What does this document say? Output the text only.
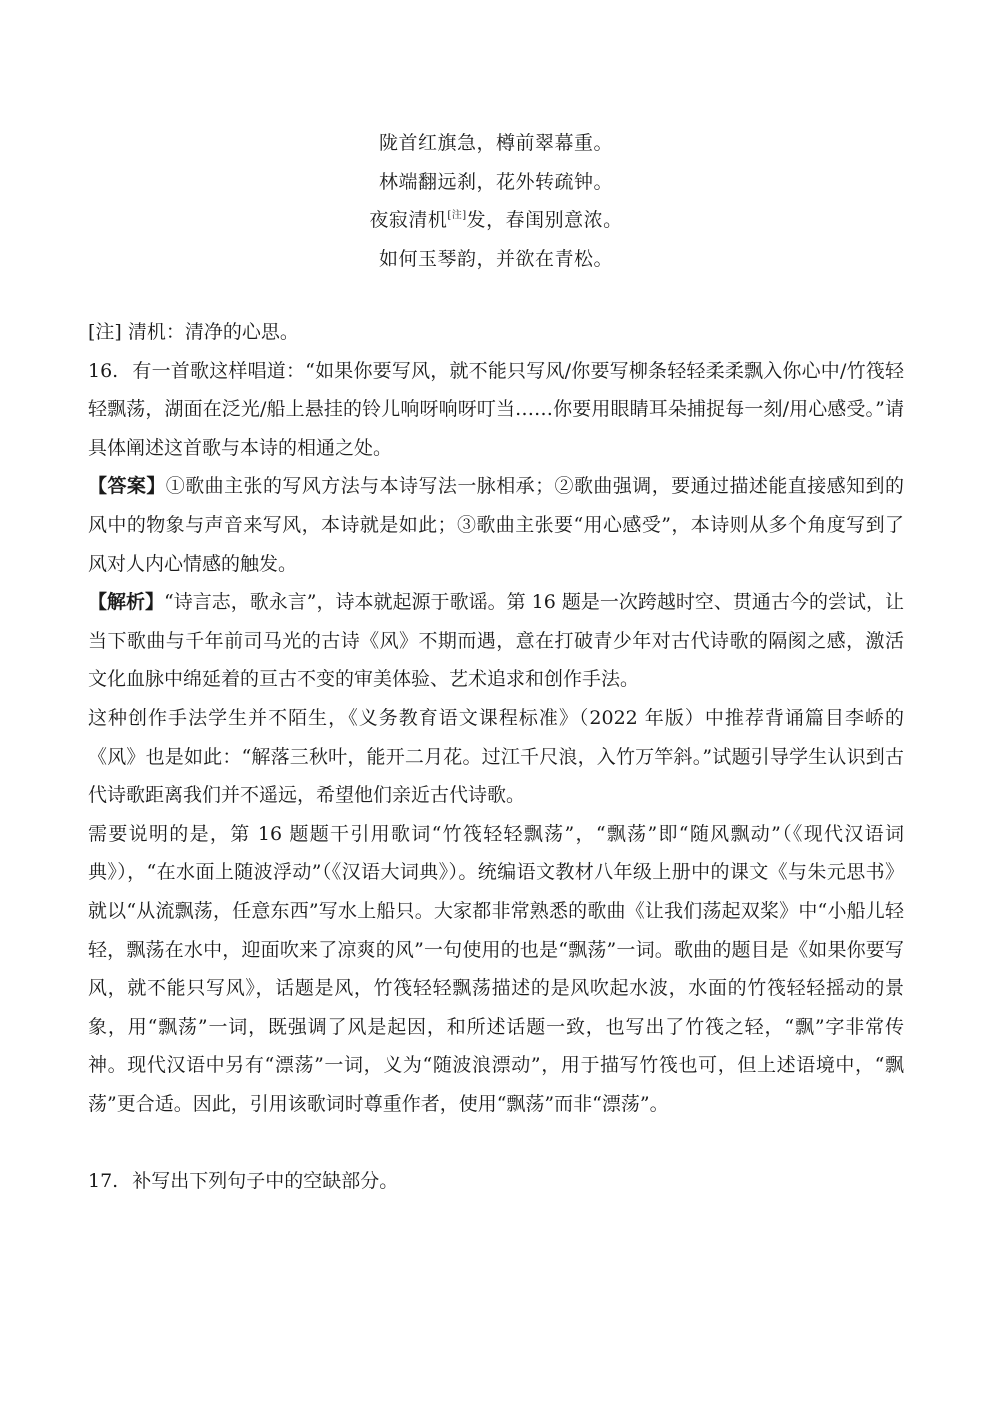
陇首红旗急，樽前翠幕重。
林端翻远刹，花外转疏钟。
夜寂清机[注]发，春闺别意浓。
如何玉琴韵，并欲在青松。

[注] 清机：清净的心思。

16. 有一首歌这样唱道：“如果你要写风，就不能只写风/你要写柳条轻轻柔柔飘入你心中/竹筏轻轻飘荡，湖面在泛光/船上悬挂的铃儿响呀响呀叮当……你要用眼睛耳朵捕捉每一刻/用心感受。”请具体阐述这首歌与本诗的相通之处。

【答案】①歌曲主张的写风方法与本诗写法一脉相承；②歌曲强调，要通过描述能直接感知到的风中的物象与声音来写风，本诗就是如此；③歌曲主张要“用心感受”，本诗则从多个角度写到了风对人内心情感的触发。

【解析】“诗言志，歌永言”，诗本就起源于歌谣。第 16 题是一次跨越时空、贯通古今的尝试，让当下歌曲与千年前司马光的古诗《风》不期而遇，意在打破青少年对古代诗歌的隔阂之感，激活文化血脉中绵延着的亘古不变的审美体验、艺术追求和创作手法。

这种创作手法学生并不陌生，《义务教育语文课程标准》（2022 年版）中推荐背诵篇目李峤的《风》也是如此：“解落三秋叶，能开二月花。过江千尺浪，入竹万竿斜。”试题引导学生认识到古代诗歌距离我们并不遥远，希望他们亲近古代诗歌。

需要说明的是，第 16 题题干引用歌词“竹筏轻轻飘荡”，“飘荡”即“随风飘动”（《现代汉语词典》），“在水面上随波浮动”（《汉语大词典》）。统编语文教材八年级上册中的课文《与朱元思书》就以“从流飘荡，任意东西”写水上船只。大家都非常熟悉的歌曲《让我们荡起双桨》中“小船儿轻轻，飘荡在水中，迎面吹来了凉爽的风”一句使用的也是“飘荡”一词。歌曲的题目是《如果你要写风，就不能只写风》，话题是风，竹筏轻轻飘荡描述的是风吹起水波，水面的竹筏轻轻摇动的景象，用“飘荡”一词，既强调了风是起因，和所述话题一致，也写出了竹筏之轻，“飘”字非常传神。现代汉语中另有“漂荡”一词，义为“随波浪漂动”，用于描写竹筏也可，但上述语境中，“飘荡”更合适。因此，引用该歌词时尊重作者，使用“飘荡”而非“漂荡”。

17. 补写出下列句子中的空缺部分。
